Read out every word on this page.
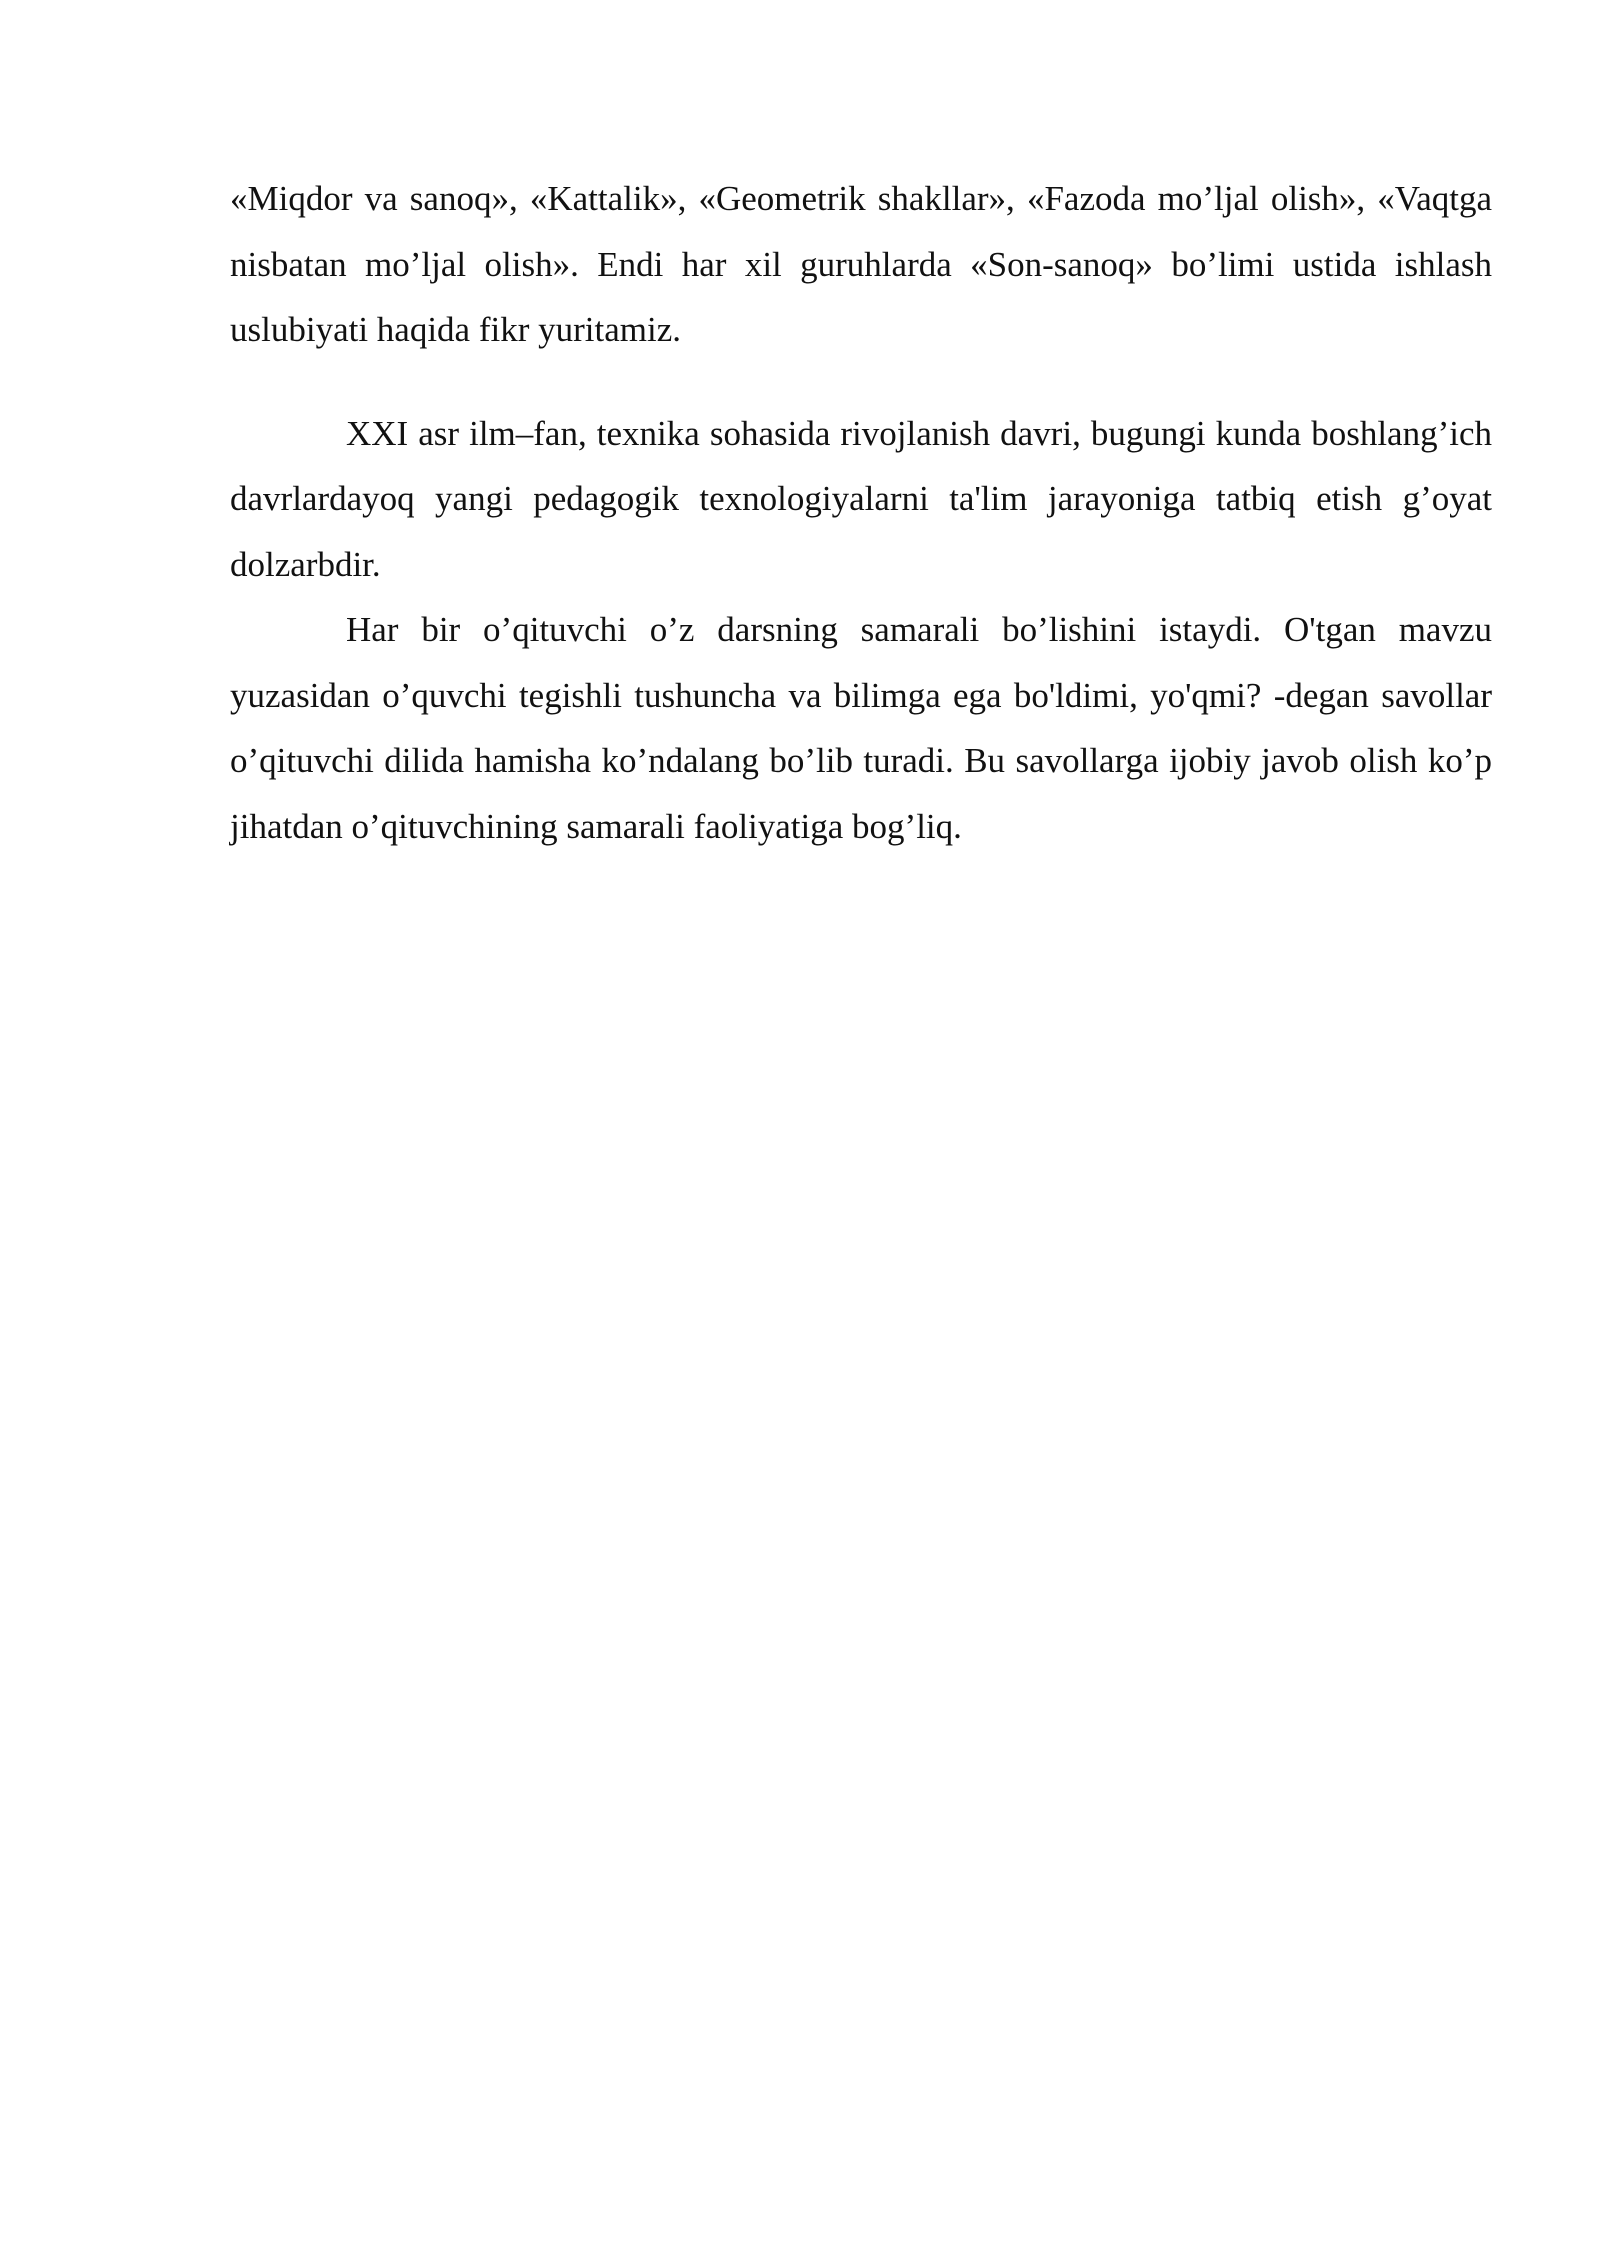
«Miqdor va sanoq», «Kattalik», «Geometrik shakllar», «Fazoda mo’ljal olish», «Vaqtga nisbatan mo’ljal olish». Endi har xil guruhlarda «Son-sanoq» bo’limi ustida ishlash uslubiyati haqida fikr yuritamiz.

XXI asr ilm–fan, texnika sohasida rivojlanish davri, bugungi kunda boshlang’ich davrlardayoq yangi pedagogik texnologiyalarni ta'lim jarayoniga tatbiq etish g’oyat dolzarbdir.

Har bir o’qituvchi o’z darsning samarali bo’lishini istaydi. O'tgan mavzu yuzasidan o’quvchi tegishli tushuncha va bilimga ega bo'ldimi, yo'qmi? -degan savollar o’qituvchi dilida hamisha ko’ndalang bo’lib turadi. Bu savollarga ijobiy javob olish ko’p jihatdan o’qituvchining samarali faoliyatiga bog’liq.
